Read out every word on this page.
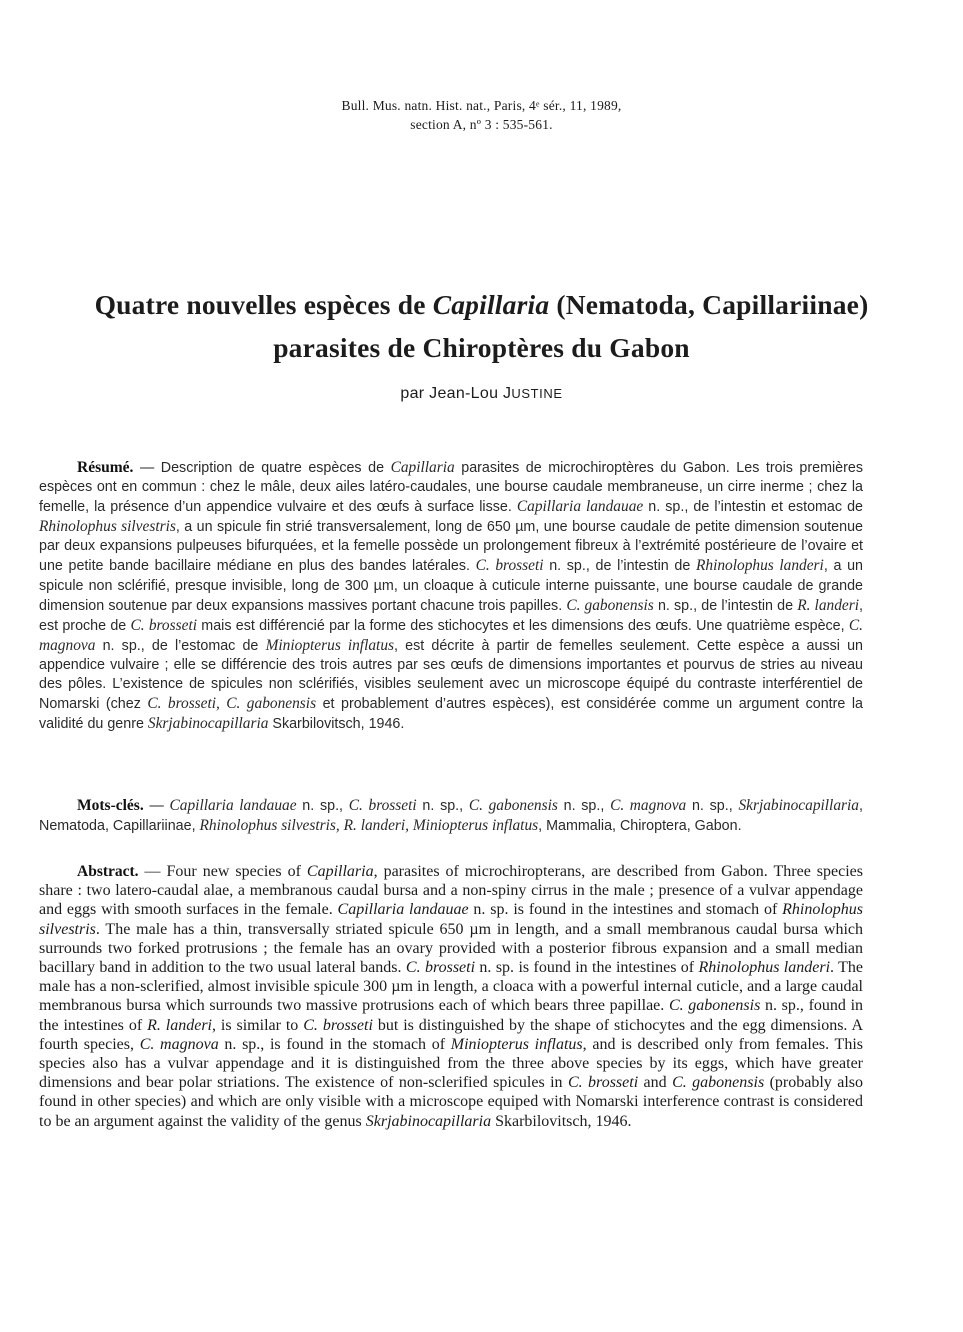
Bull. Mus. natn. Hist. nat., Paris, 4ᵉ sér., 11, 1989,
section A, nº 3 : 535-561.
Quatre nouvelles espèces de Capillaria (Nematoda, Capillariinae)
parasites de Chiroptères du Gabon
par Jean-Lou JUSTINE

Résumé. — Description de quatre espèces de Capillaria parasites de microchiroptères du Gabon. Les trois premières espèces ont en commun : chez le mâle, deux ailes latéro-caudales, une bourse caudale membraneuse, un cirre inerme ; chez la femelle, la présence d’un appendice vulvaire et des œufs à surface lisse. Capillaria landauae n. sp., de l’intestin et estomac de Rhinolophus silvestris, a un spicule fin strié transversalement, long de 650 µm, une bourse caudale de petite dimension soutenue par deux expansions pulpeuses bifurquées, et la femelle possède un prolongement fibreux à l’extrémité postérieure de l’ovaire et une petite bande bacillaire médiane en plus des bandes latérales. C. brosseti n. sp., de l’intestin de Rhinolophus landeri, a un spicule non sclérifié, presque invisible, long de 300 µm, un cloaque à cuticule interne puissante, une bourse caudale de grande dimension soutenue par deux expansions massives portant chacune trois papilles. C. gabonensis n. sp., de l’intestin de R. landeri, est proche de C. brosseti mais est différencié par la forme des stichocytes et les dimensions des œufs. Une quatrième espèce, C. magnova n. sp., de l’estomac de Miniopterus inflatus, est décrite à partir de femelles seulement. Cette espèce a aussi un appendice vulvaire ; elle se différencie des trois autres par ses œufs de dimensions importantes et pourvus de stries au niveau des pôles. L’existence de spicules non sclérifiés, visibles seulement avec un microscope équipé du contraste interférentiel de Nomarski (chez C. brosseti, C. gabonensis et probablement d’autres espèces), est considérée comme un argument contre la validité du genre Skrjabinocapillaria Skarbilovitsch, 1946.

Mots-clés. — Capillaria landauae n. sp., C. brosseti n. sp., C. gabonensis n. sp., C. magnova n. sp., Skrjabinocapillaria, Nematoda, Capillariinae, Rhinolophus silvestris, R. landeri, Miniopterus inflatus, Mammalia, Chiroptera, Gabon.

Abstract. — Four new species of Capillaria, parasites of microchiropterans, are described from Gabon. Three species share : two latero-caudal alae, a membranous caudal bursa and a non-spiny cirrus in the male ; presence of a vulvar appendage and eggs with smooth surfaces in the female. Capillaria landauae n. sp. is found in the intestines and stomach of Rhinolophus silvestris. The male has a thin, transversally striated spicule 650 µm in length, and a small membranous caudal bursa which surrounds two forked protrusions ; the female has an ovary provided with a posterior fibrous expansion and a small median bacillary band in addition to the two usual lateral bands. C. brosseti n. sp. is found in the intestines of Rhinolophus landeri. The male has a non-sclerified, almost invisible spicule 300 µm in length, a cloaca with a powerful internal cuticle, and a large caudal membranous bursa which surrounds two massive protrusions each of which bears three papillae. C. gabonensis n. sp., found in the intestines of R. landeri, is similar to C. brosseti but is distinguished by the shape of stichocytes and the egg dimensions. A fourth species, C. magnova n. sp., is found in the stomach of Miniopterus inflatus, and is described only from females. This species also has a vulvar appendage and it is distinguished from the three above species by its eggs, which have greater dimensions and bear polar striations. The existence of non-sclerified spicules in C. brosseti and C. gabonensis (probably also found in other species) and which are only visible with a microscope equiped with Nomarski interference contrast is considered to be an argument against the validity of the genus Skrjabinocapillaria Skarbilovitsch, 1946.
